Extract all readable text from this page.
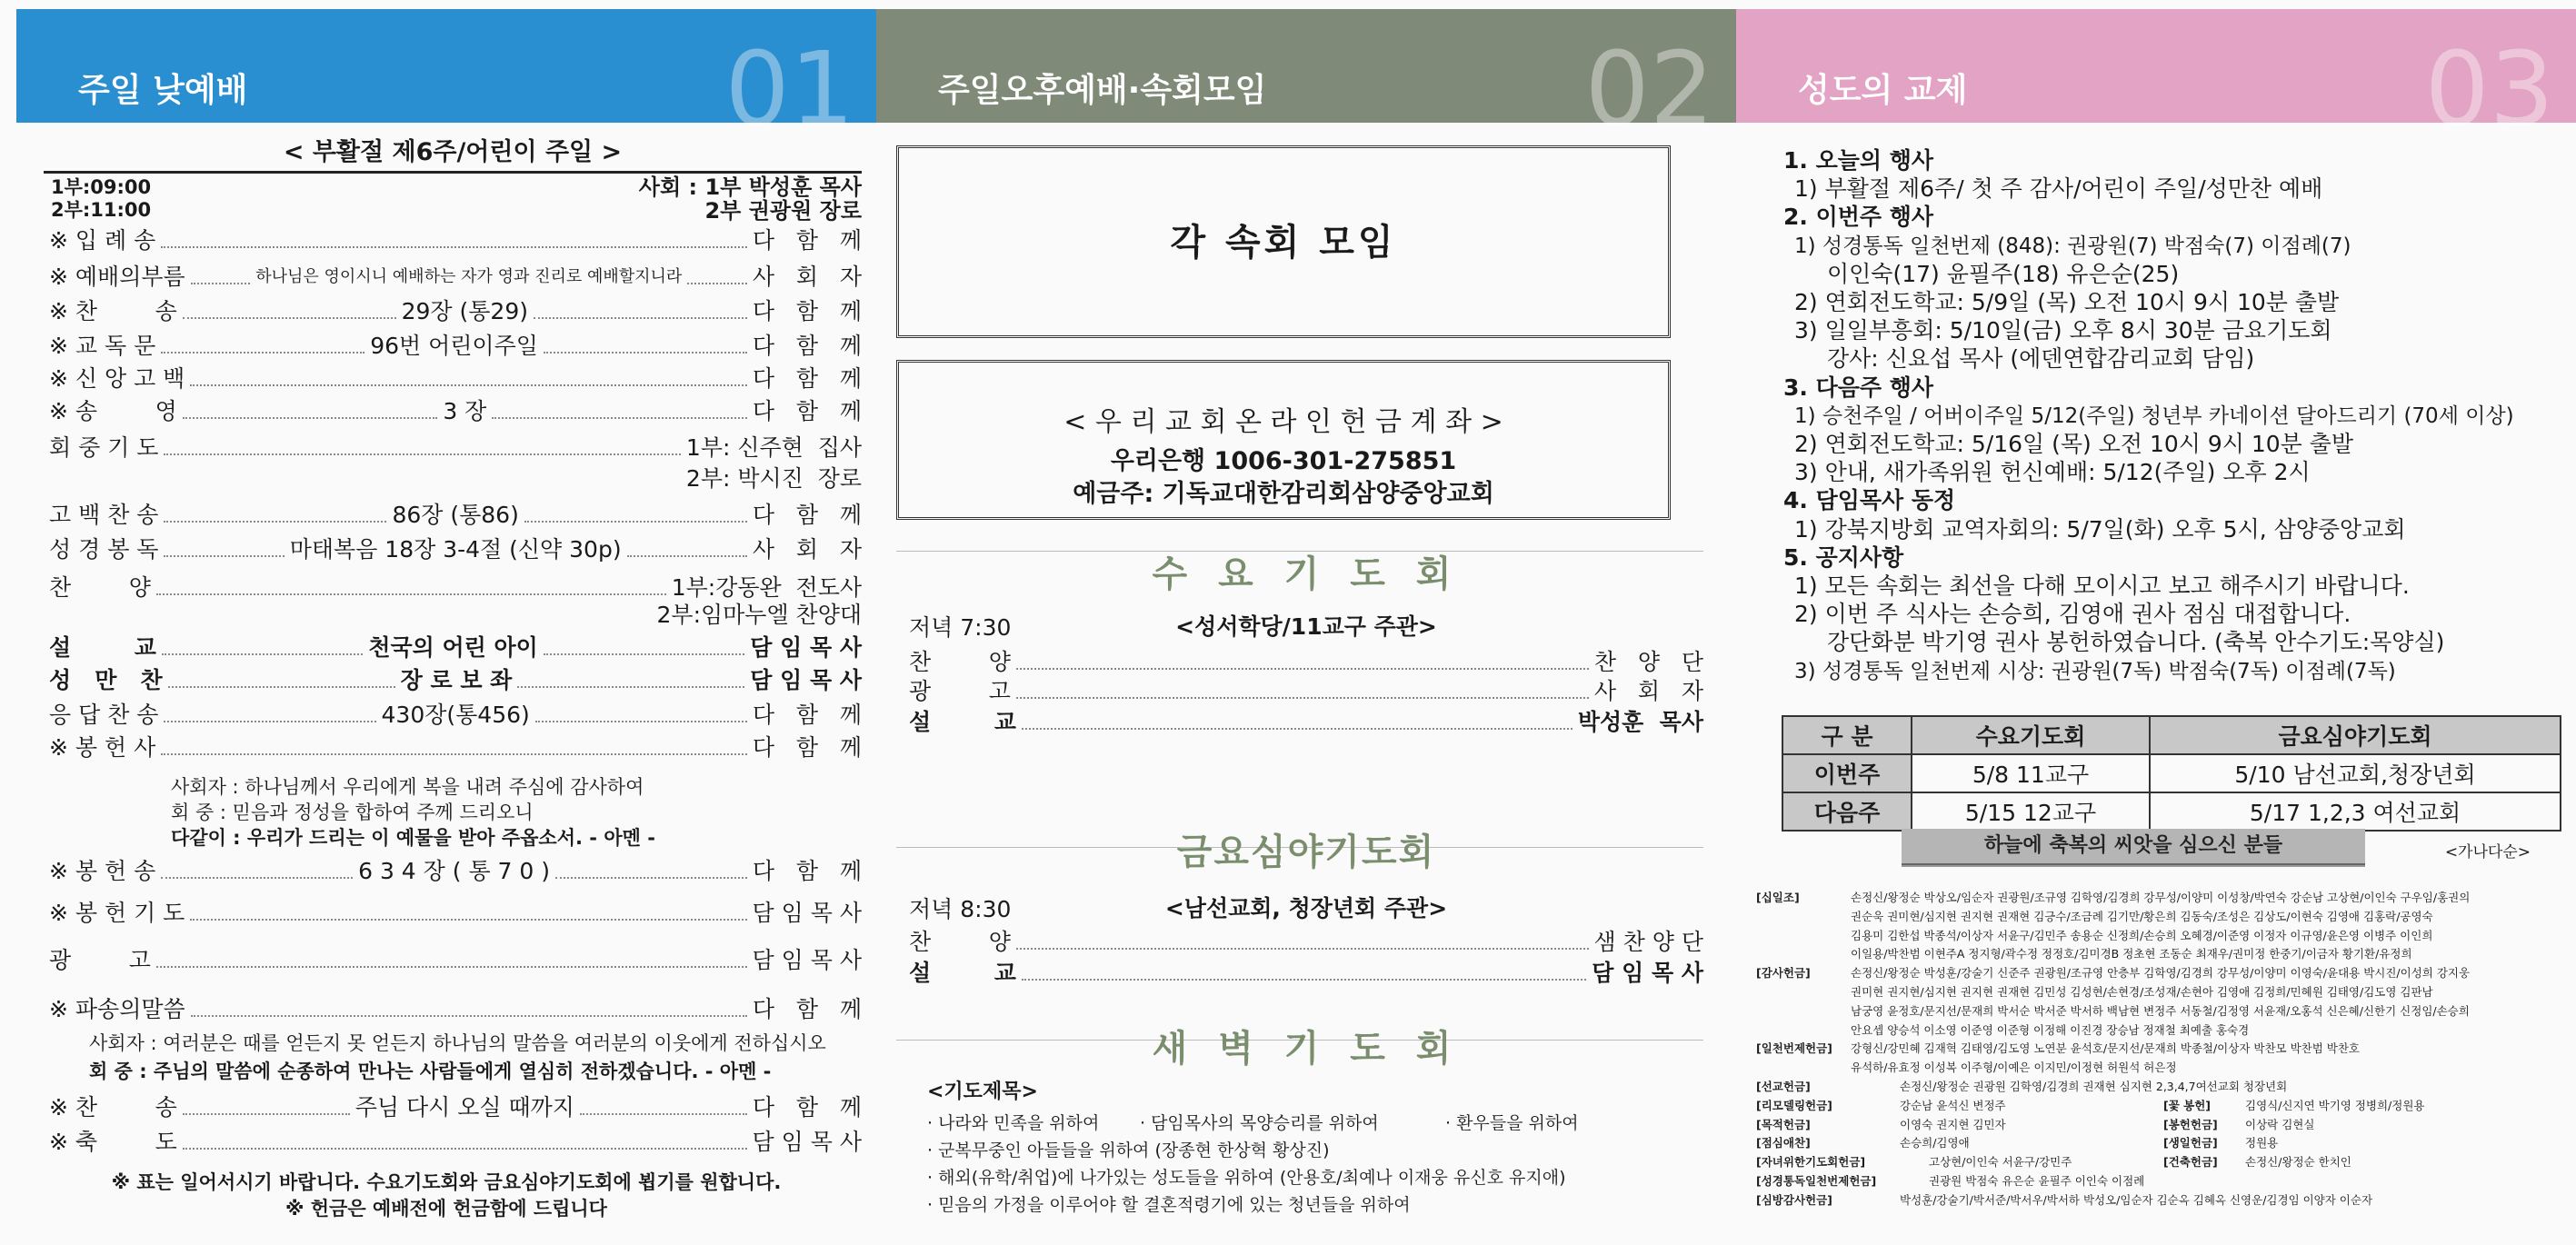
주일 낮예배	01
< 부활절 제6주/어린이 주일 >
1부:09:00
2부:11:00
사회 : 1부 박성훈 목사
2부 권광원 장로
※ 입 례 송	다   함   께
※ 예배의부름	하나님은 영이시니 예배하는 자가 영과 진리로 예배할지니라	사   회   자
※ 찬        송	29장 (통29)	다   함   께
※ 교 독 문	96번 어린이주일	다   함   께
※ 신 앙 고 백	다   함   께
※ 송        영	3 장	다   함   께
회 중 기 도	1부: 신주현  집사
2부: 박시진  장로
고 백 찬 송	86장 (통86)	다   함   께
성 경 봉 독	마태복음 18장 3-4절 (신약 30p)	사   회   자
찬        양	1부:강동완  전도사
2부:임마누엘 찬양대
설        교	천국의 어린 아이	담 임 목 사
성   만   찬	장 로 보 좌	담 임 목 사
응 답 찬 송	430장(통456)	다   함   께
※ 봉 헌 사	다   함   께
사회자 : 하나님께서 우리에게 복을 내려 주심에 감사하여
회 중 : 믿음과 정성을 합하여 주께 드리오니
다같이 : 우리가 드리는 이 예물을 받아 주옵소서. - 아멘 -
※ 봉 헌 송	6 3 4 장 ( 통 7 0 )	다   함   께
※ 봉 헌 기 도	담 임 목 사
광        고	담 임 목 사
※ 파송의말씀	다   함   께
사회자 : 여러분은 때를 얻든지 못 얻든지 하나님의 말씀을 여러분의 이웃에게 전하십시오
회 중 : 주님의 말씀에 순종하여 만나는 사람들에게 열심히 전하겠습니다. - 아멘 -
※ 찬        송	주님 다시 오실 때까지	다   함   께
※ 축        도	담 임 목 사
※ 표는 일어서시기 바랍니다. 수요기도회와 금요심야기도회에 뵙기를 원합니다.
※ 헌금은 예배전에 헌금함에 드립니다
주일오후예배·속회모임	02
각 속회 모임
< 우 리 교 회 온 라 인 헌 금 계 좌 >
우리은행 1006-301-275851
예금주: 기독교대한감리회삼양중앙교회
수 요 기 도 회
저녁 7:30	<성서학당/11교구 주관>
찬        양	찬   양   단
광        고	사   회   자
설        교	박성훈  목사
금요심야기도회
저녁 8:30	<남선교회, 청장년회 주관>
찬        양	샘 찬 양 단
설        교	담 임 목 사
새 벽 기 도 회
<기도제목>
· 나라와 민족을 위하여 · 담임목사의 목양승리를 위하여	· 환우들을 위하여
· 군복무중인 아들들을 위하여 (장종현 한상혁 황상진)
· 해외(유학/취업)에 나가있는 성도들을 위하여 (안용호/최예나 이재웅 유신호 유지애)
· 믿음의 가정을 이루어야 할 결혼적령기에 있는 청년들을 위하여
성도의 교제	03
1. 오늘의 행사
1) 부활절 제6주/ 첫 주 감사/어린이 주일/성만찬 예배
2. 이번주 행사
1) 성경통독 일천번제 (848): 권광원(7) 박점숙(7) 이점례(7)
이인숙(17) 윤필주(18) 유은순(25)
2) 연회전도학교: 5/9일 (목) 오전 10시 9시 10분 출발
3) 일일부흥회: 5/10일(금) 오후 8시 30분 금요기도회
강사: 신요섭 목사 (에덴연합감리교회 담임)
3. 다음주 행사
1) 승천주일 / 어버이주일 5/12(주일) 청년부 카네이션 달아드리기 (70세 이상)
2) 연회전도학교: 5/16일 (목) 오전 10시 9시 10분 출발
3) 안내, 새가족위원 헌신예배: 5/12(주일) 오후 2시
4. 담임목사 동정
1) 강북지방회 교역자회의: 5/7일(화) 오후 5시, 삼양중앙교회
5. 공지사항
1) 모든 속회는 최선을 다해 모이시고 보고 해주시기 바랍니다.
2) 이번 주 식사는 손승희, 김영애 권사 점심 대접합니다.
강단화분 박기영 권사 봉헌하였습니다. (축복 안수기도:목양실)
3) 성경통독 일천번제 시상: 권광원(7독) 박점숙(7독) 이점례(7독)
구 분	수요기도회	금요심야기도회
이번주	5/8 11교구	5/10 남선교회,청장년회
다음주	5/15 12교구	5/17 1,2,3 여선교회
하늘에 축복의 씨앗을 심으신 분들	<가나다순>
[십일조]	손정신/왕정순 박상오/임순자 권광원/조규영 김학영/김경희 강무성/이양미 이성창/박연숙 강순남 고상현/이인숙 구우임/홍권의
권순욱 권미현/심지현 권지현 권재현 김긍수/조금례 김기만/황은희 김동숙/조성은 김상도/이현숙 김영애 김홍락/공영숙
김용미 김한섭 박종석/이상자 서윤구/김민주 송용순 신정희/손승희 오혜경/이준영 이정자 이규영/윤은영 이병주 이인희
이일용/박찬범 이현주A 정지형/곽수정 정정호/김미경B 정초현 조동순 최재우/권미정 한중기/이금자 황기환/유정희
[감사헌금]	손정신/왕정순 박성훈/강술기 신준주 권광원/조규영 안층부 김학영/김경희 강무성/이양미 이영숙/윤대용 박시진/이성희 강지웅
권미현 권지현/심지현 권지현 권재현 김민성 김성현/손현경/조성재/손현아 김영애 김정희/민혜원 김태영/김도영 김판남
남궁영 윤정호/문지선/문재희 박서순 박서준 박서하 백남현 변정주 서동철/김정영 서윤재/오홍석 신은혜/신한기 신정임/손승희
안요셉 양승석 이소영 이준영 이준형 이정해 이진경 장승남 정재철 최예출 홍숙경
[일천번제헌금] 강형신/강민혜 김재혁 김태영/김도영 노연분 윤석호/문지선/문재희 박종철/이상자 박찬모 박찬범 박찬호
유석하/유효정 이성복 이주형/이예은 이지민/이정현 허원석 허은정
[선교헌금]	손정신/왕정순 권광원 김학영/김경희 권재현 심지현 2,3,4,7여선교회 청장년회
[리모델링헌금]	강순남 윤석신 변정주
[목적헌금]	이영숙 권지현 김민자
[점심애찬]	손승희/김영애
[자녀위한기도회헌금]	고상현/이인숙 서윤구/강민주
[성경통독일천번제헌금]	권광원 박점숙 유은순 윤필주 이인숙 이점례
[심방감사헌금]	박성훈/강술기/박서준/박서우/박서하 박성오/임순자 김순옥 김혜옥 신영운/김경임 이양자 이순자
[꽃 봉헌]	김영식/신지연 박기영 정병희/정원용
[봉헌헌금] 이상락 김현실
[생일헌금] 정원용
[건축헌금] 손정신/왕정순 한치인
